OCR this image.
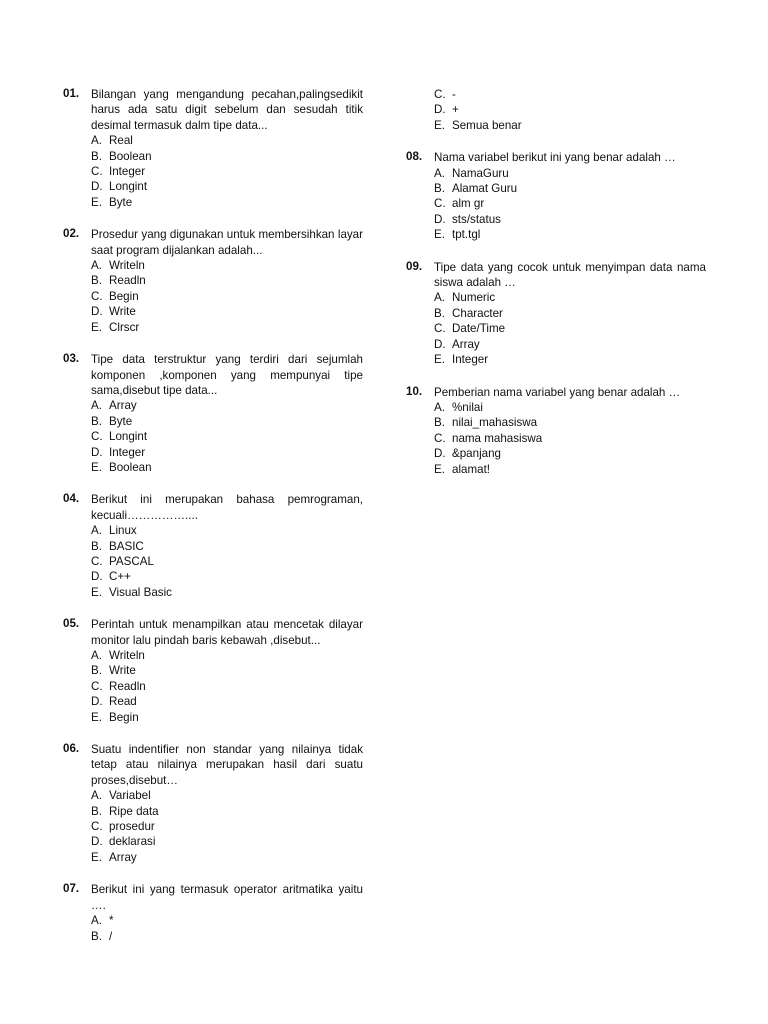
01. Bilangan yang mengandung pecahan,palingsedikit harus ada satu digit sebelum dan sesudah titik desimal termasuk dalm tipe data...
A. Real
B. Boolean
C. Integer
D. Longint
E. Byte
02. Prosedur yang digunakan untuk membersihkan layar saat program dijalankan adalah...
A. Writeln
B. Readln
C. Begin
D. Write
E. Clrscr
03. Tipe data terstruktur yang terdiri dari sejumlah komponen ,komponen yang mempunyai tipe sama,disebut tipe data...
A. Array
B. Byte
C. Longint
D. Integer
E. Boolean
04. Berikut ini merupakan bahasa pemrograman, kecuali……………....
A. Linux
B. BASIC
C. PASCAL
D. C++
E. Visual Basic
05. Perintah untuk menampilkan atau mencetak dilayar monitor lalu pindah baris kebawah ,disebut...
A. Writeln
B. Write
C. Readln
D. Read
E. Begin
06. Suatu indentifier non standar yang nilainya tidak tetap atau nilainya merupakan hasil dari suatu proses,disebut…
A. Variabel
B. Ripe data
C. prosedur
D. deklarasi
E. Array
07. Berikut ini yang termasuk operator aritmatika yaitu ….
A. *
B. /
C. -
D. +
E. Semua benar
08. Nama variabel berikut ini yang benar adalah …
A. NamaGuru
B. Alamat Guru
C. alm gr
D. sts/status
E. tpt.tgl
09. Tipe data yang cocok untuk menyimpan data nama siswa adalah …
A. Numeric
B. Character
C. Date/Time
D. Array
E. Integer
10. Pemberian nama variabel yang benar adalah …
A. %nilai
B. nilai_mahasiswa
C. nama mahasiswa
D. &panjang
E. alamat!
